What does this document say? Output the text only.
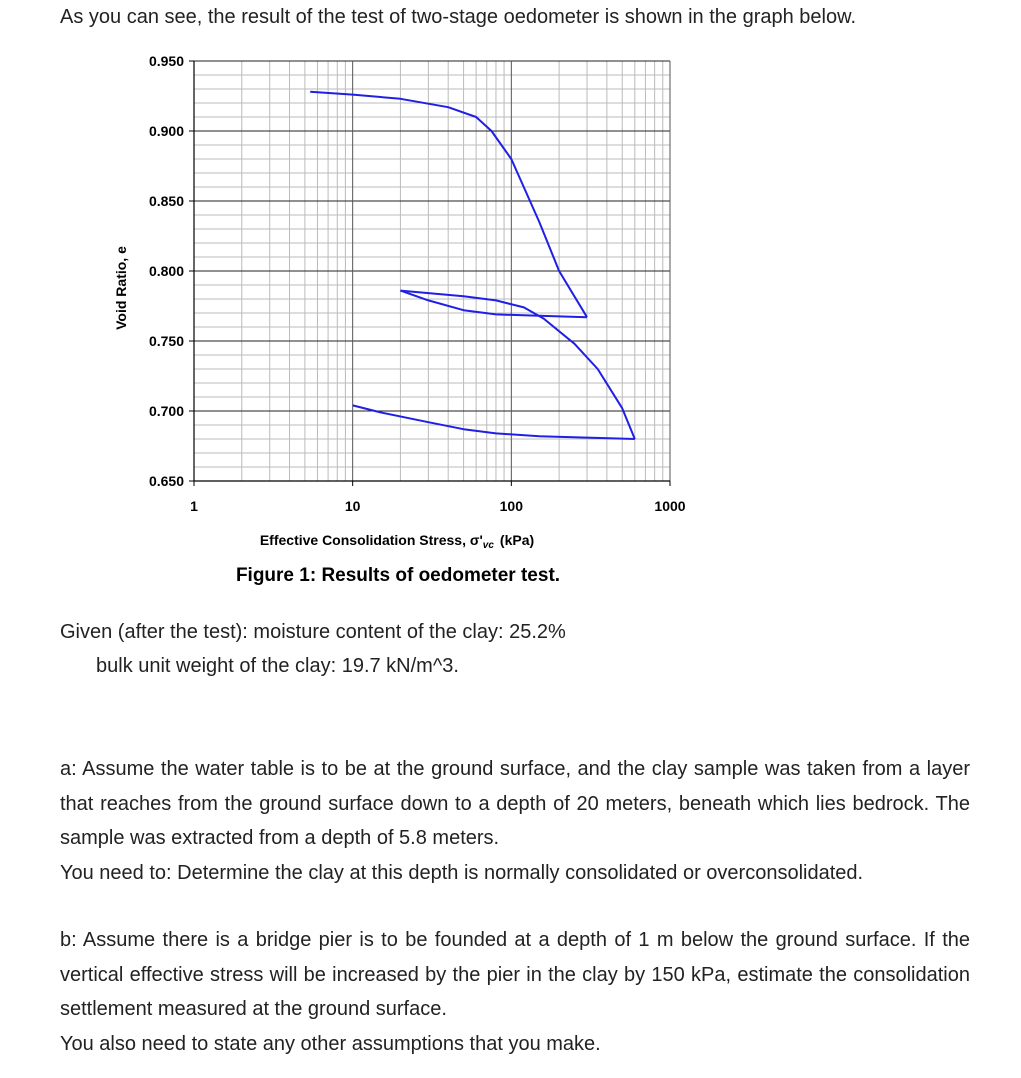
As you can see, the result of the test of two-stage oedometer is shown in the graph below.
1	10	100	1000
0.950
0.900
0.850
0.800
0.750
0.700
0.650
Void Ratio, e
Effective Consolidation Stress, $\sigma'_{vc}$ (kPa)
Figure 1: Results of oedometer test.
Given (after the test): moisture content of the clay: 25.2%
bulk unit weight of the clay: 19.7 kN/m^3.

a: Assume the water table is to be at the ground surface, and the clay sample was taken from a layer that reaches from the ground surface down to a depth of 20 meters, beneath which lies bedrock. The sample was extracted from a depth of 5.8 meters.

You need to: Determine the clay at this depth is normally consolidated or overconsolidated.

b: Assume there is a bridge pier is to be founded at a depth of 1 m below the ground surface. If the vertical effective stress will be increased by the pier in the clay by 150 kPa, estimate the consolidation settlement measured at the ground surface.

You also need to state any other assumptions that you make.
